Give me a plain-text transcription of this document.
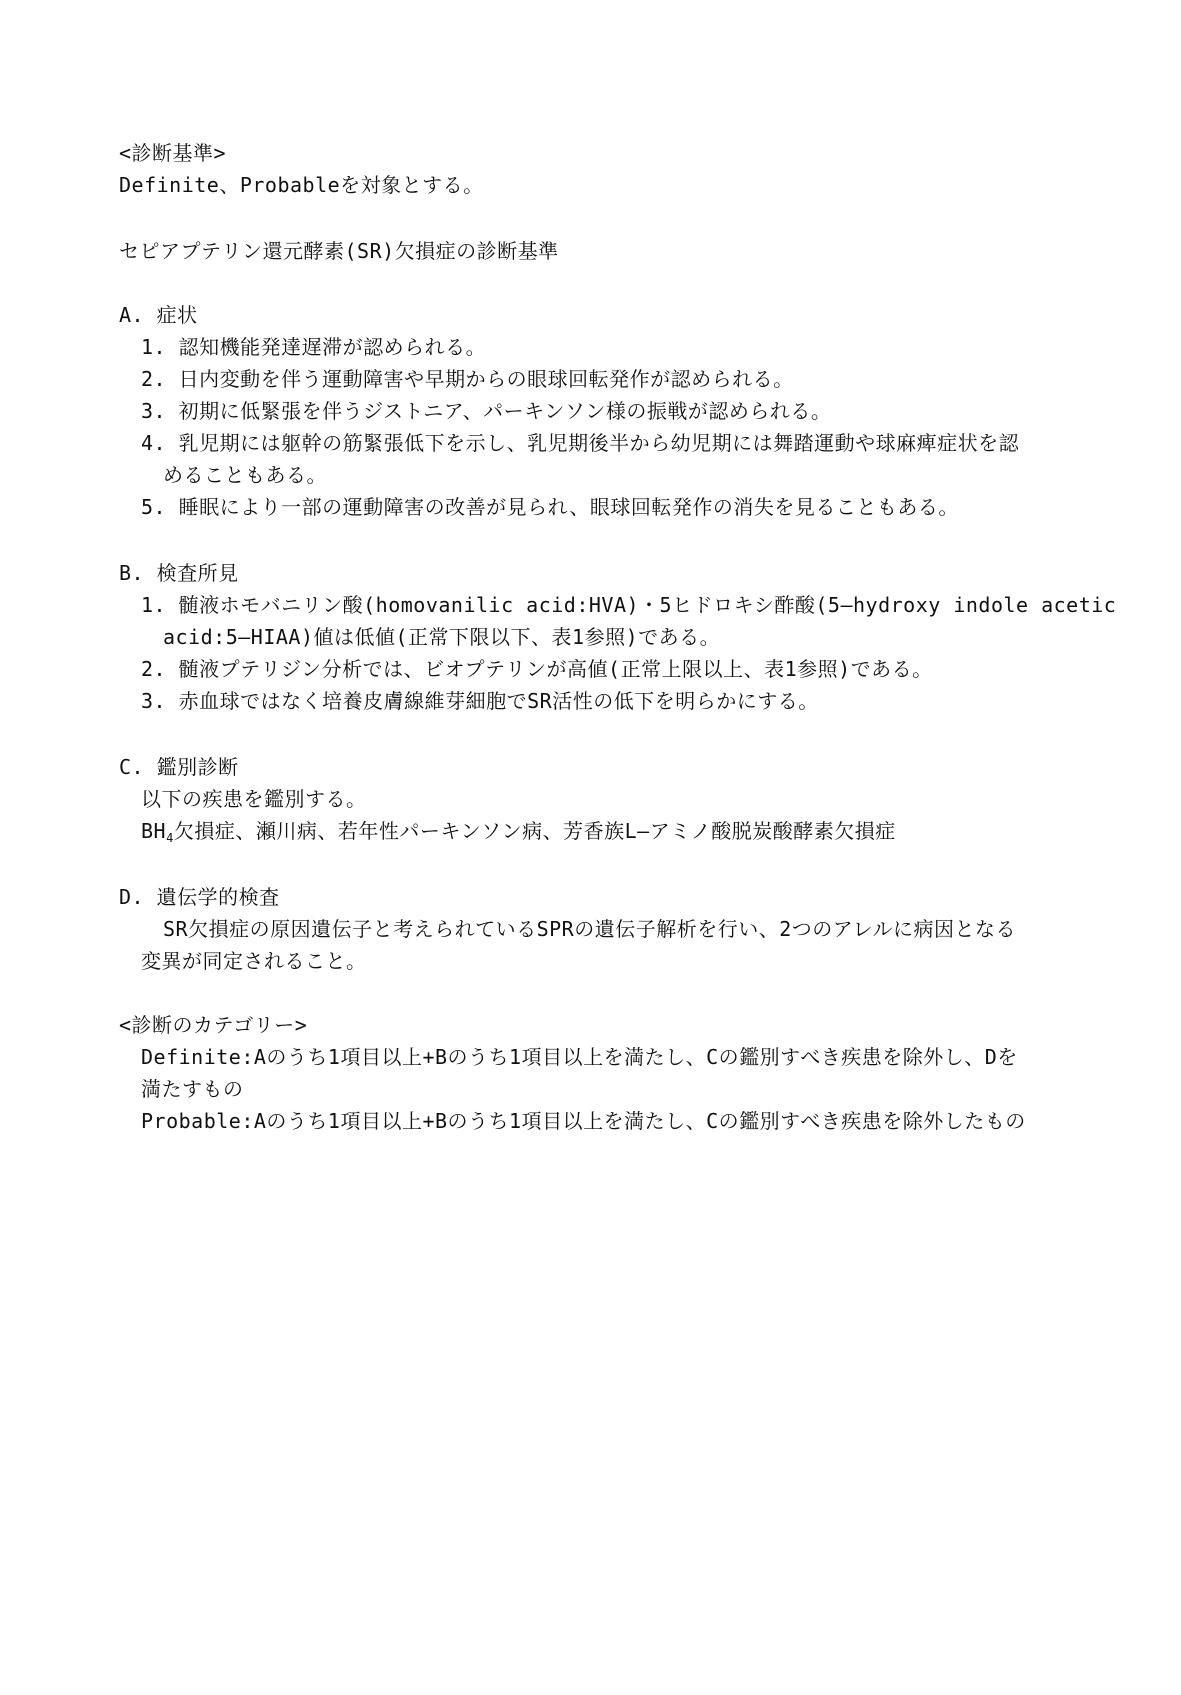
<診断基準>
Definite、Probableを対象とする。
セピアプテリン還元酵素(SR)欠損症の診断基準
A. 症状
1. 認知機能発達遅滞が認められる。
2. 日内変動を伴う運動障害や早期からの眼球回転発作が認められる。
3. 初期に低緊張を伴うジストニア、パーキンソン様の振戦が認められる。
4. 乳児期には躯幹の筋緊張低下を示し、乳児期後半から幼児期には舞踏運動や球麻痺症状を認
めることもある。
5. 睡眠により一部の運動障害の改善が見られ、眼球回転発作の消失を見ることもある。
B. 検査所見
1. 髄液ホモバニリン酸(homovanilic acid:HVA)・5ヒドロキシ酢酸(5―hydroxy indole acetic
acid:5―HIAA)値は低値(正常下限以下、表1参照)である。
2. 髄液プテリジン分析では、ビオプテリンが高値(正常上限以上、表1参照)である。
3. 赤血球ではなく培養皮膚線維芽細胞でSR活性の低下を明らかにする。
C. 鑑別診断
以下の疾患を鑑別する。
$BH_4$欠損症、瀬川病、若年性パーキンソン病、芳香族L―アミノ酸脱炭酸酵素欠損症
D. 遺伝学的検査
SR欠損症の原因遺伝子と考えられているSPRの遺伝子解析を行い、2つのアレルに病因となる
変異が同定されること。
<診断のカテゴリー>
Definite:Aのうち1項目以上+Bのうち1項目以上を満たし、Cの鑑別すべき疾患を除外し、Dを
満たすもの
Probable:Aのうち1項目以上+Bのうち1項目以上を満たし、Cの鑑別すべき疾患を除外したもの
